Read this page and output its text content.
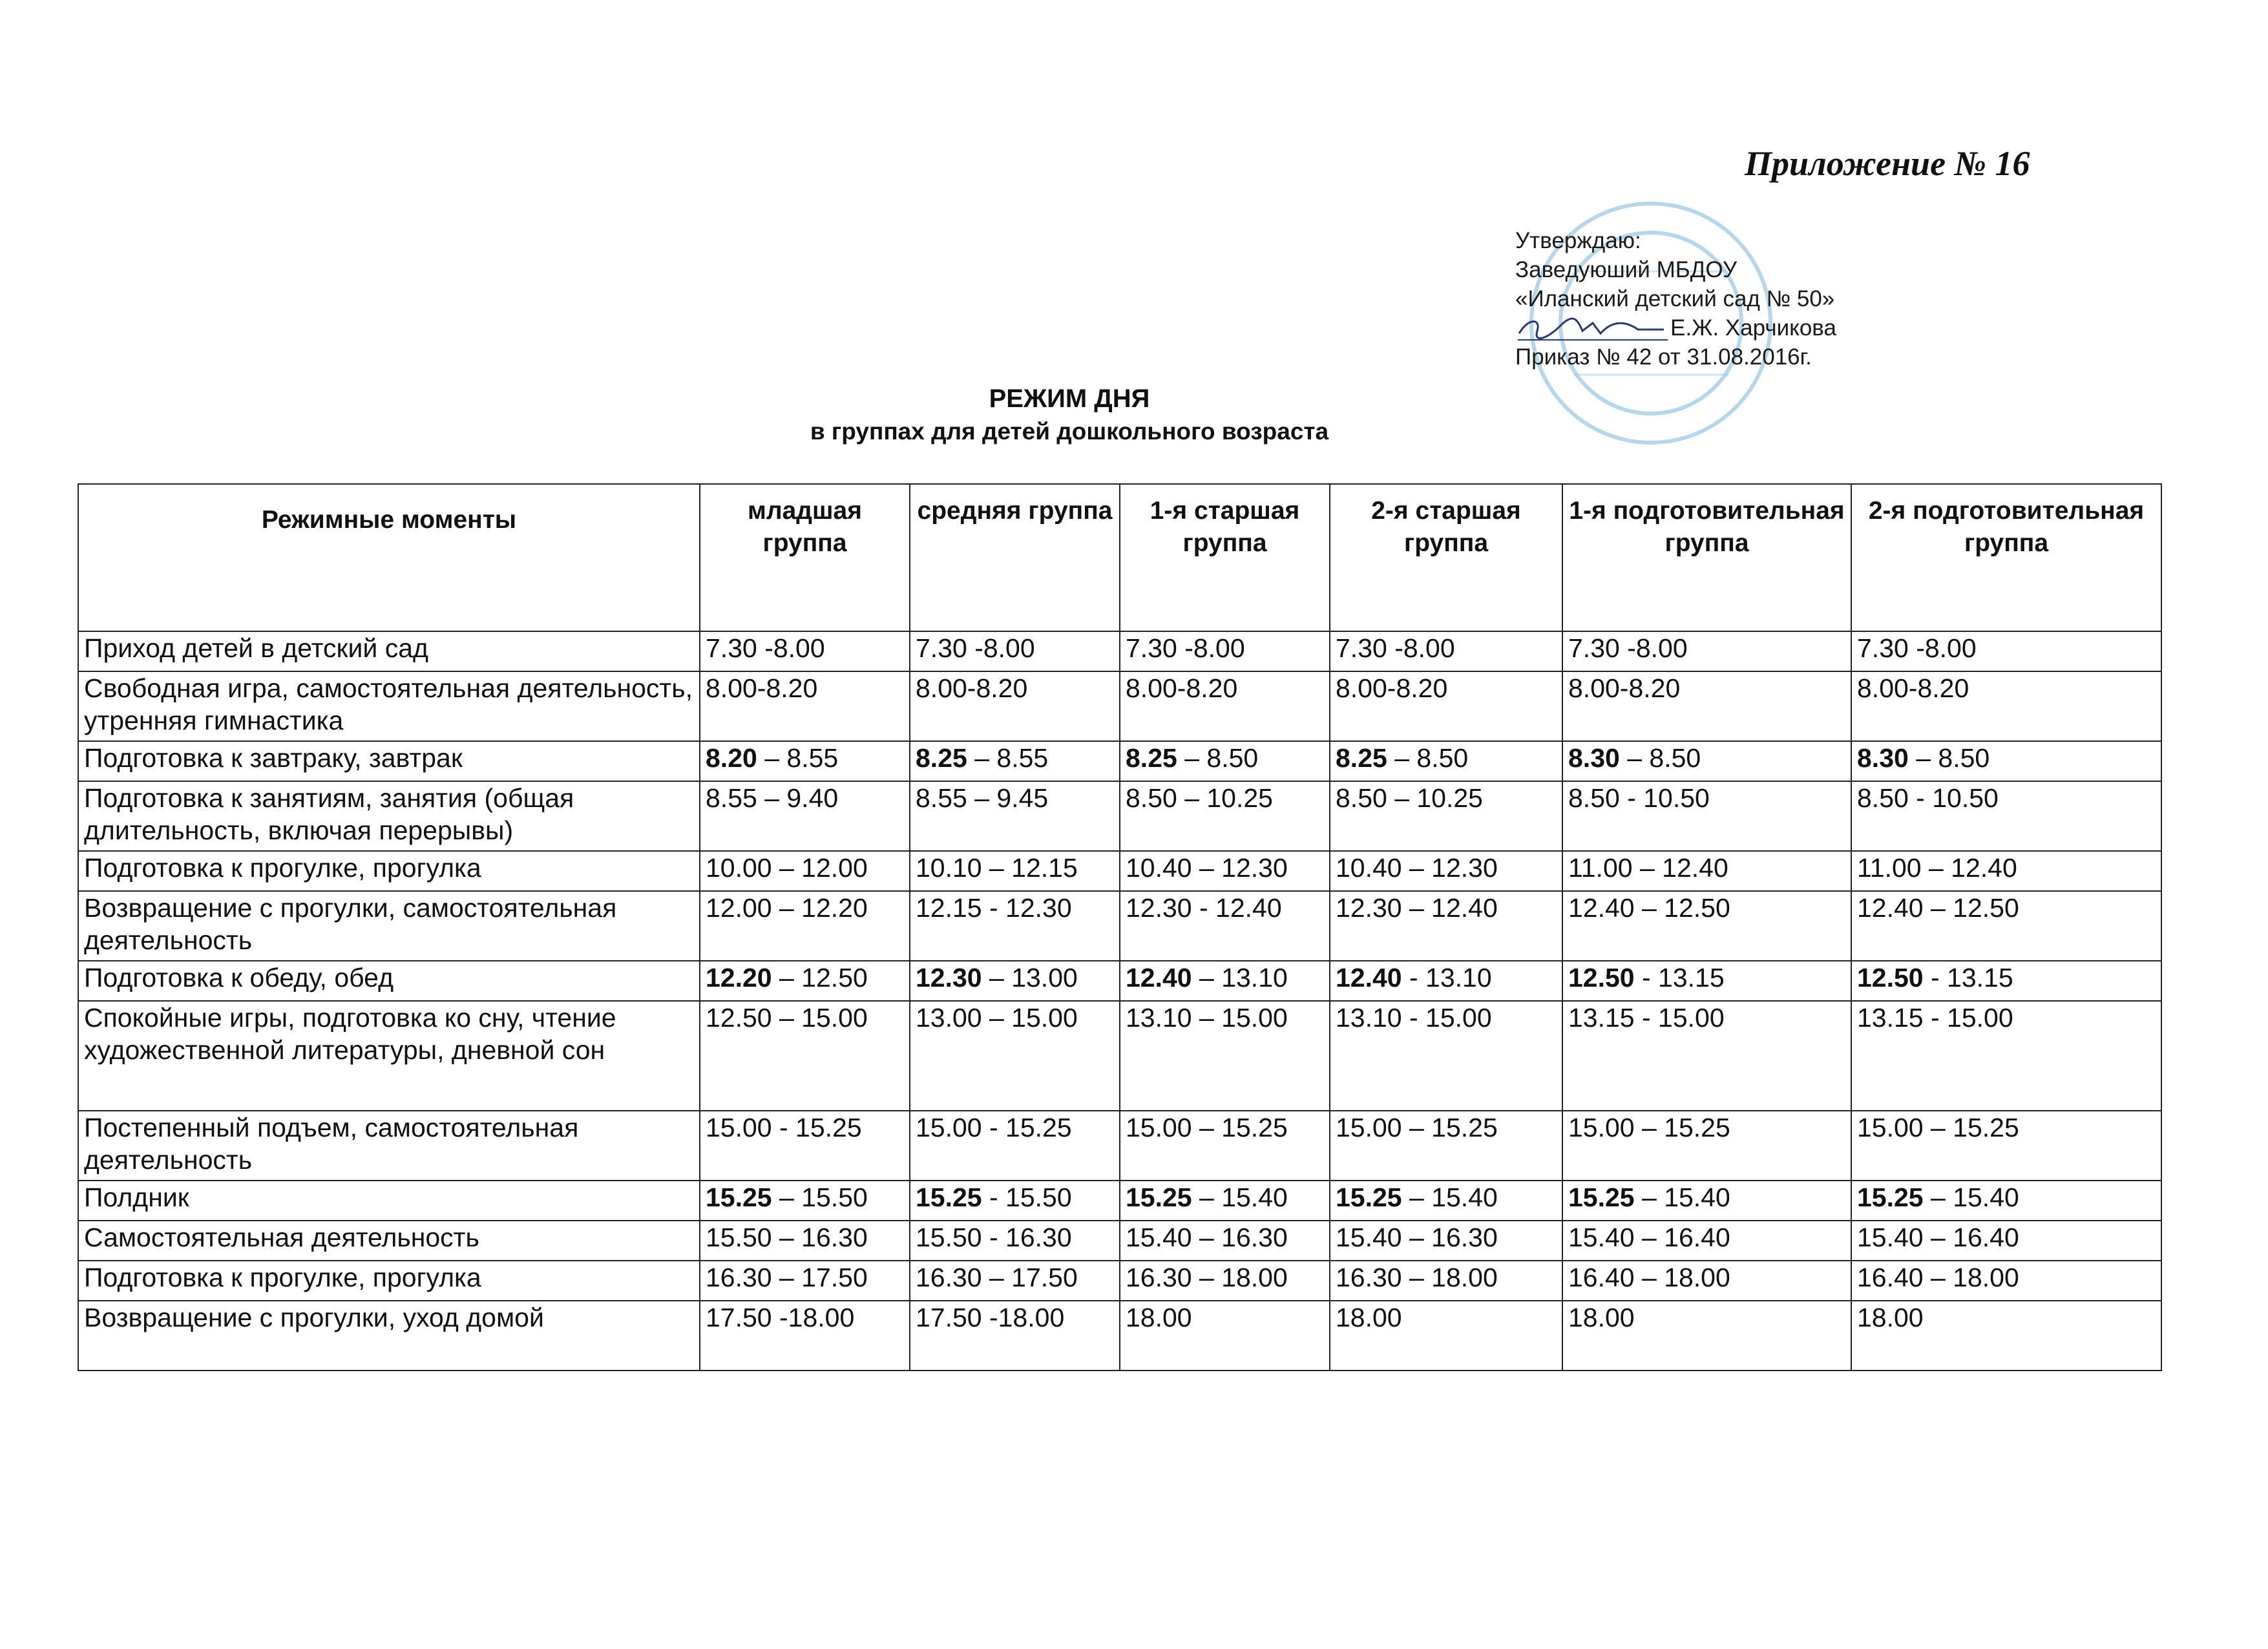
Приложение № 16
Утверждаю:
Заведуюший МБДОУ
«Иланский детский сад № 50»
Е.Ж. Харчикова
Приказ № 42 от 31.08.2016г.
РЕЖИМ ДНЯ
в группах для детей дошкольного возраста
Режимные моменты	младшая группа	средняя группа	1-я старшая группа	2-я старшая группа	1-я подготовительная группа	2-я подготовительная группа
Приход детей в детский сад	7.30 -8.00	7.30 -8.00	7.30 -8.00	7.30 -8.00	7.30 -8.00	7.30 -8.00
Свободная игра, самостоятельная деятельность, утренняя гимнастика	8.00-8.20	8.00-8.20	8.00-8.20	8.00-8.20	8.00-8.20	8.00-8.20
Подготовка к завтраку, завтрак	8.20 – 8.55	8.25 – 8.55	8.25 – 8.50	8.25 – 8.50	8.30 – 8.50	8.30 – 8.50
Подготовка к занятиям, занятия (общая длительность, включая перерывы)	8.55 – 9.40	8.55 – 9.45	8.50 – 10.25	8.50 – 10.25	8.50 - 10.50	8.50 - 10.50
Подготовка к прогулке, прогулка	10.00 – 12.00	10.10 – 12.15	10.40 – 12.30	10.40 – 12.30	11.00 – 12.40	11.00 – 12.40
Возвращение с прогулки, самостоятельная деятельность	12.00 – 12.20	12.15 - 12.30	12.30 - 12.40	12.30 – 12.40	12.40 – 12.50	12.40 – 12.50
Подготовка к обеду, обед	12.20 – 12.50	12.30 – 13.00	12.40 – 13.10	12.40 - 13.10	12.50 - 13.15	12.50 - 13.15
Спокойные игры, подготовка ко сну, чтение художественной литературы, дневной сон	12.50 – 15.00	13.00 – 15.00	13.10 – 15.00	13.10 - 15.00	13.15 - 15.00	13.15 - 15.00
Постепенный подъем, самостоятельная деятельность	15.00 - 15.25	15.00 - 15.25	15.00 – 15.25	15.00 – 15.25	15.00 – 15.25	15.00 – 15.25
Полдник	15.25 – 15.50	15.25 - 15.50	15.25 – 15.40	15.25 – 15.40	15.25 – 15.40	15.25 – 15.40
Самостоятельная деятельность	15.50 – 16.30	15.50 - 16.30	15.40 – 16.30	15.40 – 16.30	15.40 – 16.40	15.40 – 16.40
Подготовка к прогулке, прогулка	16.30 – 17.50	16.30 – 17.50	16.30 – 18.00	16.30 – 18.00	16.40 – 18.00	16.40 – 18.00
Возвращение с прогулки, уход домой	17.50 -18.00	17.50 -18.00	18.00	18.00	18.00	18.00
